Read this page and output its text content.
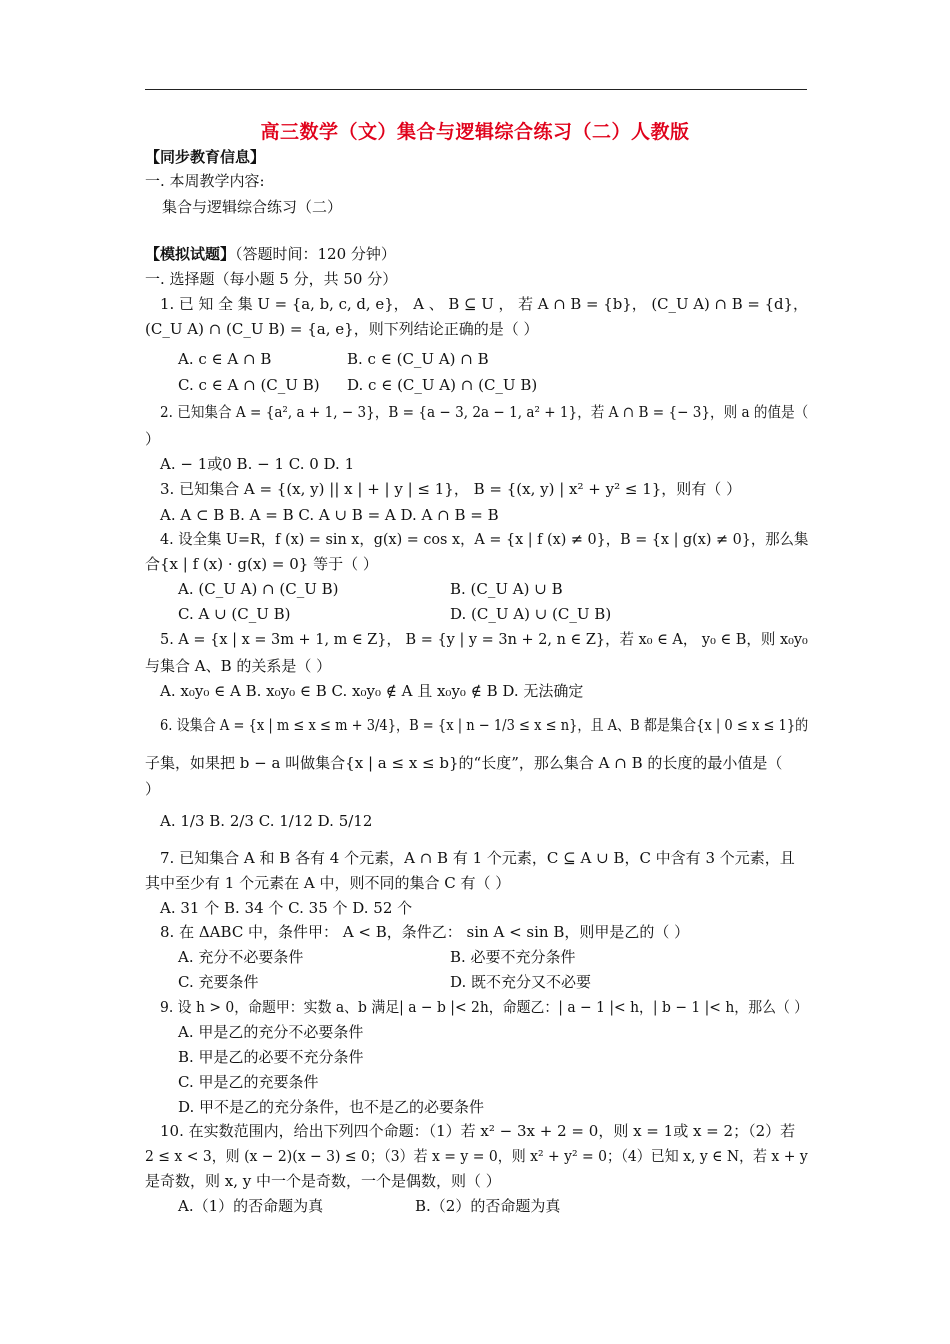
高三数学（文）集合与逻辑综合练习（二）人教版
【同步教育信息】
一. 本周教学内容:
集合与逻辑综合练习（二）
【模拟试题】（答题时间：120 分钟）
一. 选择题（每小题 5 分，共 50 分）
1. 已 知 全 集 U = {a, b, c, d, e}， A 、 B ⊆ U ， 若 A ∩ B = {b}， (C_U A) ∩ B = {d}，
(C_U A) ∩ (C_U B) = {a, e}，则下列结论正确的是（ ）
A. c ∈ A ∩ B	B. c ∈ (C_U A) ∩ B
C. c ∈ A ∩ (C_U B) D. c ∈ (C_U A) ∩ (C_U B)
2. 已知集合 A = {a², a + 1, − 3}，B = {a − 3, 2a − 1, a² + 1}，若 A ∩ B = {− 3}，则 a 的值是（
）
A. − 1或0 B. − 1 C. 0 D. 1
3. 已知集合 A = {(x, y) || x | + | y | ≤ 1}， B = {(x, y) | x² + y² ≤ 1}，则有（ ）
A. A ⊂ B B. A = B C. A ∪ B = A D. A ∩ B = B
4. 设全集 U=R，f (x) = sin x，g(x) = cos x，A = {x | f (x) ≠ 0}，B = {x | g(x) ≠ 0}，那么集
合{x | f (x) · g(x) = 0} 等于（ ）
A. (C_U A) ∩ (C_U B)	B. (C_U A) ∪ B
C. A ∪ (C_U B)	D. (C_U A) ∪ (C_U B)
5. A = {x | x = 3m + 1, m ∈ Z}， B = {y | y = 3n + 2, n ∈ Z}，若 x₀ ∈ A， y₀ ∈ B，则 x₀y₀
与集合 A、B 的关系是（ ）
A. x₀y₀ ∈ A B. x₀y₀ ∈ B C. x₀y₀ ∉ A 且 x₀y₀ ∉ B D. 无法确定
6. 设集合 A = {x | m ≤ x ≤ m + 3/4}，B = {x | n − 1/3 ≤ x ≤ n}，且 A、B 都是集合{x | 0 ≤ x ≤ 1}的
子集，如果把 b − a 叫做集合{x | a ≤ x ≤ b}的“长度”，那么集合 A ∩ B 的长度的最小值是（
）
A. 1/3 B. 2/3 C. 1/12 D. 5/12
7. 已知集合 A 和 B 各有 4 个元素，A ∩ B 有 1 个元素，C ⊆ A ∪ B，C 中含有 3 个元素，且
其中至少有 1 个元素在 A 中，则不同的集合 C 有（ ）
A. 31 个 B. 34 个 C. 35 个 D. 52 个
8. 在 ΔABC 中，条件甲： A < B，条件乙： sin A < sin B，则甲是乙的（ ）
A. 充分不必要条件	B. 必要不充分条件
C. 充要条件	D. 既不充分又不必要
9. 设 h > 0，命题甲：实数 a、b 满足| a − b |< 2h，命题乙：| a − 1 |< h，| b − 1 |< h，那么（ ）
A. 甲是乙的充分不必要条件
B. 甲是乙的必要不充分条件
C. 甲是乙的充要条件
D. 甲不是乙的充分条件，也不是乙的必要条件
10. 在实数范围内，给出下列四个命题：（1）若 x² − 3x + 2 = 0，则 x = 1或 x = 2；（2）若
2 ≤ x < 3，则 (x − 2)(x − 3) ≤ 0；（3）若 x = y = 0，则 x² + y² = 0；（4）已知 x, y ∈ N，若 x + y
是奇数，则 x, y 中一个是奇数，一个是偶数，则（ ）
A.（1）的否命题为真	B.（2）的否命题为真
